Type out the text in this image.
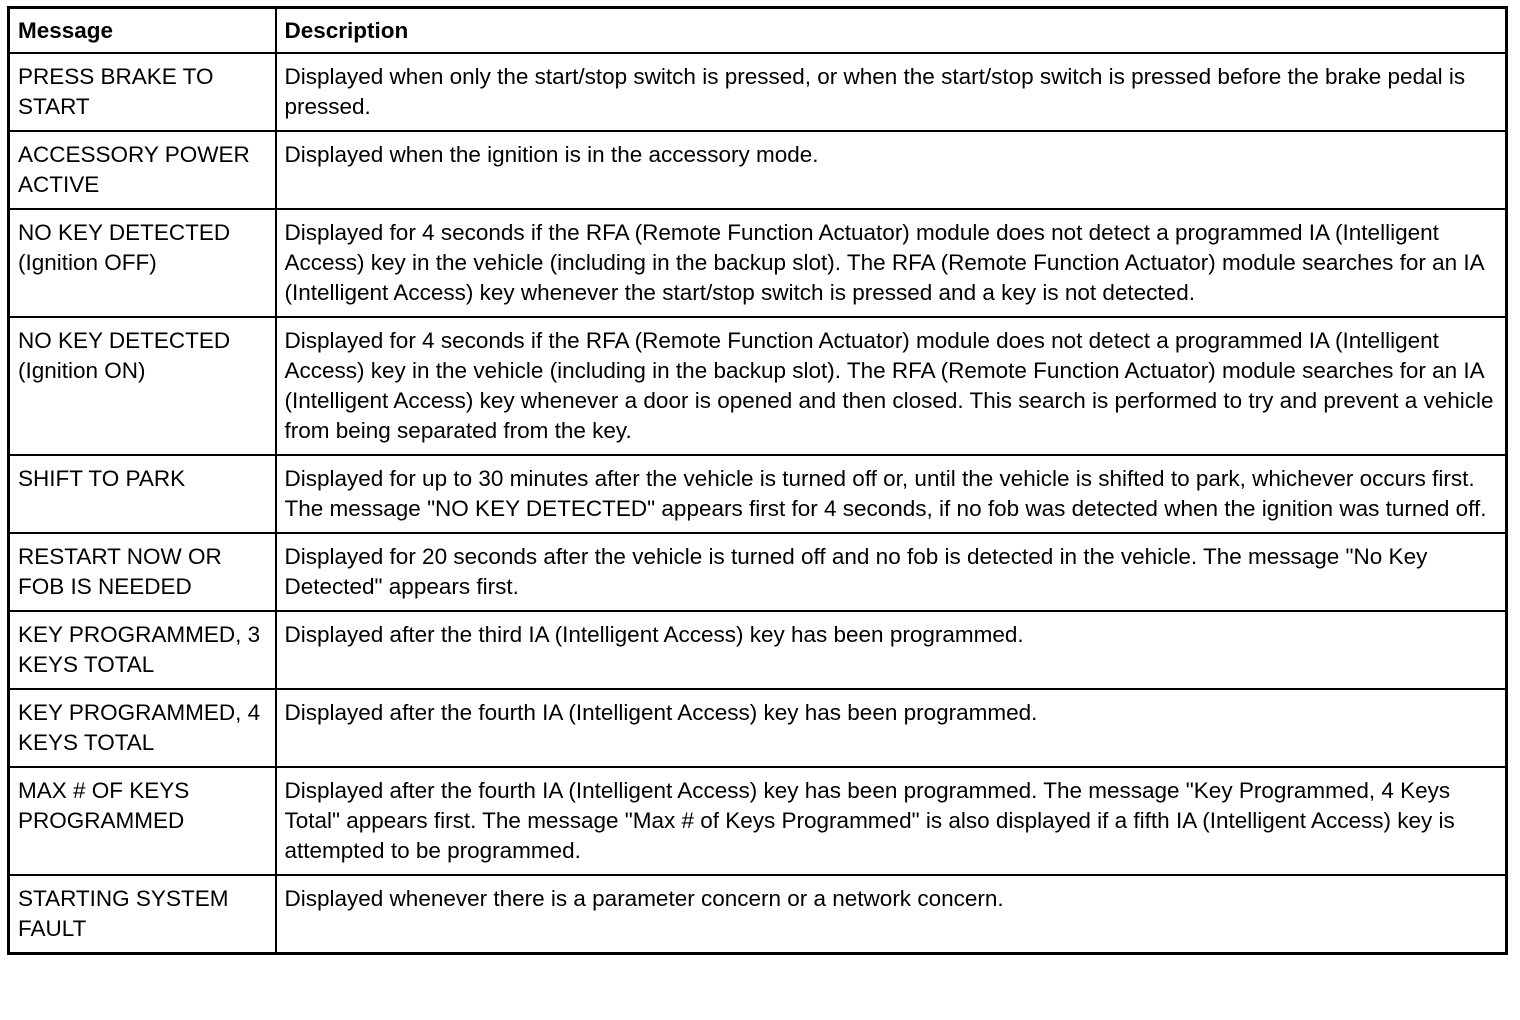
Message	Description
PRESS BRAKE TO START	Displayed when only the start/stop switch is pressed, or when the start/stop switch is pressed before the brake pedal is pressed.
ACCESSORY POWER ACTIVE	Displayed when the ignition is in the accessory mode.
NO KEY DETECTED (Ignition OFF)	Displayed for 4 seconds if the RFA (Remote Function Actuator) module does not detect a programmed IA (Intelligent Access) key in the vehicle (including in the backup slot). The RFA (Remote Function Actuator) module searches for an IA (Intelligent Access) key whenever the start/stop switch is pressed and a key is not detected.
NO KEY DETECTED (Ignition ON)	Displayed for 4 seconds if the RFA (Remote Function Actuator) module does not detect a programmed IA (Intelligent Access) key in the vehicle (including in the backup slot). The RFA (Remote Function Actuator) module searches for an IA (Intelligent Access) key whenever a door is opened and then closed. This search is performed to try and prevent a vehicle from being separated from the key.
SHIFT TO PARK	Displayed for up to 30 minutes after the vehicle is turned off or, until the vehicle is shifted to park, whichever occurs first. The message "NO KEY DETECTED" appears first for 4 seconds, if no fob was detected when the ignition was turned off.
RESTART NOW OR FOB IS NEEDED	Displayed for 20 seconds after the vehicle is turned off and no fob is detected in the vehicle. The message "No Key Detected" appears first.
KEY PROGRAMMED, 3 KEYS TOTAL	Displayed after the third IA (Intelligent Access) key has been programmed.
KEY PROGRAMMED, 4 KEYS TOTAL	Displayed after the fourth IA (Intelligent Access) key has been programmed.
MAX # OF KEYS PROGRAMMED	Displayed after the fourth IA (Intelligent Access) key has been programmed. The message "Key Programmed, 4 Keys Total" appears first. The message "Max # of Keys Programmed" is also displayed if a fifth IA (Intelligent Access) key is attempted to be programmed.
STARTING SYSTEM FAULT	Displayed whenever there is a parameter concern or a network concern.
